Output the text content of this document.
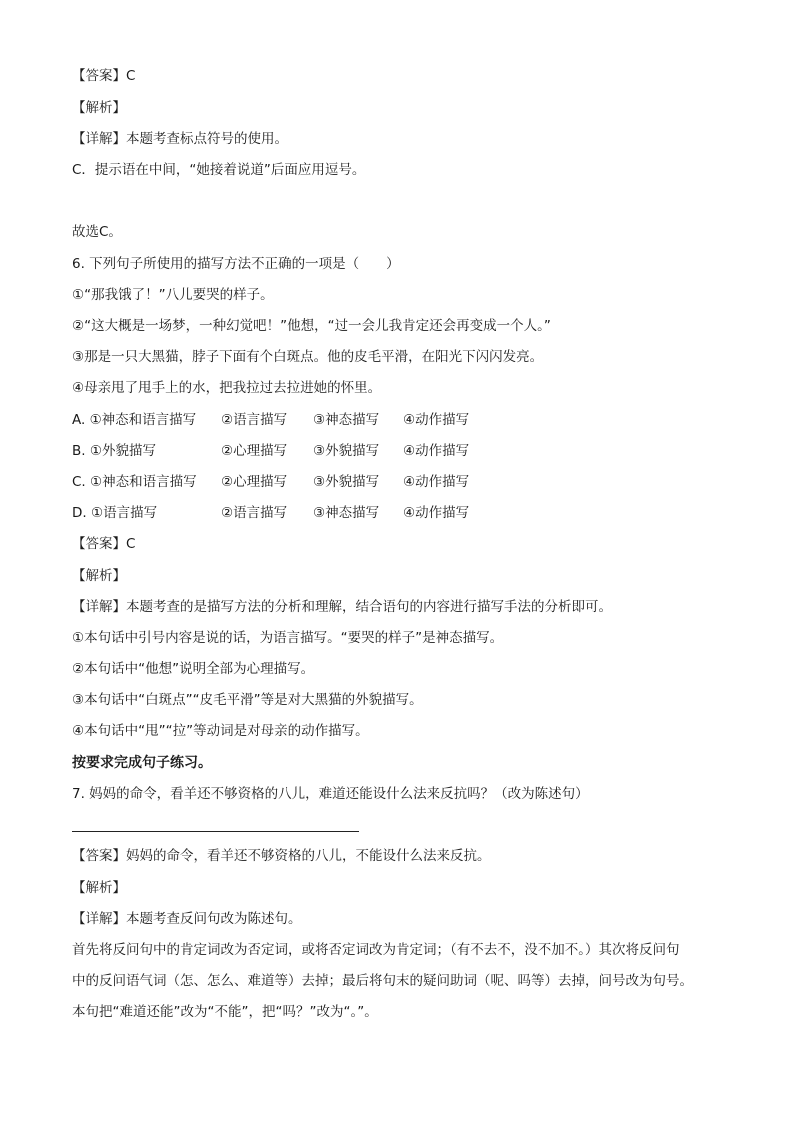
【答案】C
【解析】
【详解】本题考查标点符号的使用。
C．提示语在中间，“她接着说道”后面应用逗号。
故选C。
6. 下列句子所使用的描写方法不正确的一项是（　　）
①“那我饿了！”八儿要哭的样子。
②“这大概是一场梦，一种幻觉吧！”他想，“过一会儿我肯定还会再变成一个人。”
③那是一只大黑猫，脖子下面有个白斑点。他的皮毛平滑，在阳光下闪闪发亮。
④母亲甩了甩手上的水，把我拉过去拉进她的怀里。
A. ①神态和语言描写 ②语言描写 ③神态描写 ④动作描写
B. ①外貌描写	②心理描写 ③外貌描写 ④动作描写
C. ①神态和语言描写 ②心理描写 ③外貌描写 ④动作描写
D. ①语言描写	②语言描写 ③神态描写 ④动作描写
【答案】C
【解析】
【详解】本题考查的是描写方法的分析和理解，结合语句的内容进行描写手法的分析即可。
①本句话中引号内容是说的话，为语言描写。“要哭的样子”是神态描写。
②本句话中“他想”说明全部为心理描写。
③本句话中“白斑点”“皮毛平滑”等是对大黑猫的外貌描写。
④本句话中“甩”“拉”等动词是对母亲的动作描写。
按要求完成句子练习。
7. 妈妈的命令，看羊还不够资格的八儿，难道还能设什么法来反抗吗？（改为陈述句）
【答案】妈妈的命令，看羊还不够资格的八儿，不能设什么法来反抗。
【解析】
【详解】本题考查反问句改为陈述句。
首先将反问句中的肯定词改为否定词，或将否定词改为肯定词；（有不去不，没不加不。）其次将反问句
中的反问语气词（怎、怎么、难道等）去掉；最后将句末的疑问助词（呢、吗等）去掉，问号改为句号。
本句把“难道还能”改为“不能”，把“吗？”改为“。”。
